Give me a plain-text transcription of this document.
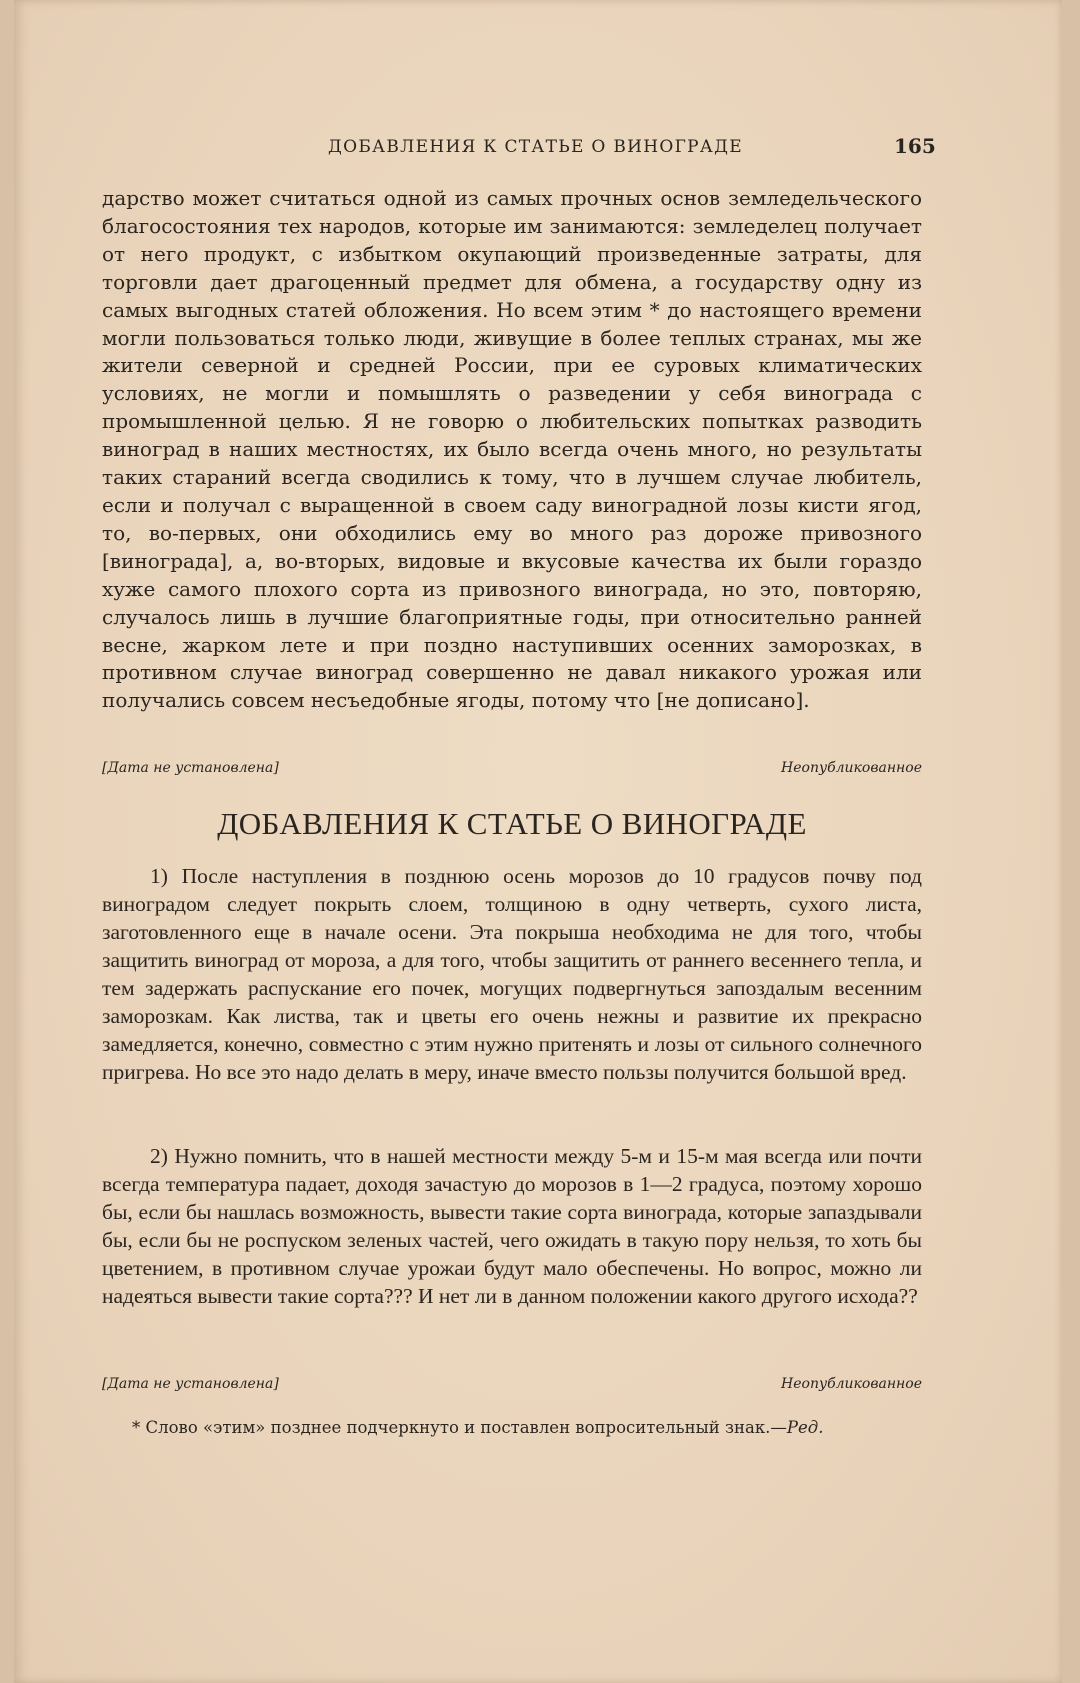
ДОБАВЛЕНИЯ К СТАТЬЕ О ВИНОГРАДЕ	165

дарство может считаться одной из самых прочных основ земледельческого благосостояния тех народов, которые им занимаются: земледелец получает от него продукт, с избытком окупающий произведенные затраты, для торговли дает драгоценный предмет для обмена, а государству одну из самых выгодных статей обложения. Но всем этим * до настоящего времени могли пользоваться только люди, живущие в более теплых странах, мы же жители северной и средней России, при ее суровых климатических условиях, не могли и помышлять о разведении у себя винограда с промышленной целью. Я не говорю о любительских попытках разводить виноград в наших местностях, их было всегда очень много, но результаты таких стараний всегда сводились к тому, что в лучшем случае любитель, если и получал с выращенной в своем саду виноградной лозы кисти ягод, то, во-первых, они обходились ему во много раз дороже привозного [винограда], а, во-вторых, видовые и вкусовые качества их были гораздо хуже самого плохого сорта из привозного винограда, но это, повторяю, случалось лишь в лучшие благоприятные годы, при относительно ранней весне, жарком лете и при поздно наступивших осенних заморозках, в противном случае виноград совершенно не давал никакого урожая или получались совсем несъедобные ягоды, потому что [не дописано].

[Дата не установлена]	Неопубликованное
ДОБАВЛЕНИЯ К СТАТЬЕ О ВИНОГРАДЕ

1) После наступления в позднюю осень морозов до 10 градусов почву под виноградом следует покрыть слоем, толщиною в одну четверть, сухого листа, заготовленного еще в начале осени. Эта покрыша необходима не для того, чтобы защитить виноград от мороза, а для того, чтобы защитить от раннего весеннего тепла, и тем задержать распускание его почек, могущих подвергнуться запоздалым весенним заморозкам. Как листва, так и цветы его очень нежны и развитие их прекрасно замедляется, конечно, совместно с этим нужно притенять и лозы от сильного солнечного пригрева. Но все это надо делать в меру, иначе вместо пользы получится большой вред.

2) Нужно помнить, что в нашей местности между 5-м и 15-м мая всегда или почти всегда температура падает, доходя зачастую до морозов в 1—2 градуса, поэтому хорошо бы, если бы нашлась возможность, вывести такие сорта винограда, которые запаздывали бы, если бы не роспуском зеленых частей, чего ожидать в такую пору нельзя, то хоть бы цветением, в противном случае урожаи будут мало обеспечены. Но вопрос, можно ли надеяться вывести такие сорта??? И нет ли в данном положении какого другого исхода??

[Дата не установлена]	Неопубликованное
* Слово «этим» позднее подчеркнуто и поставлен вопросительный знак.—Ред.
